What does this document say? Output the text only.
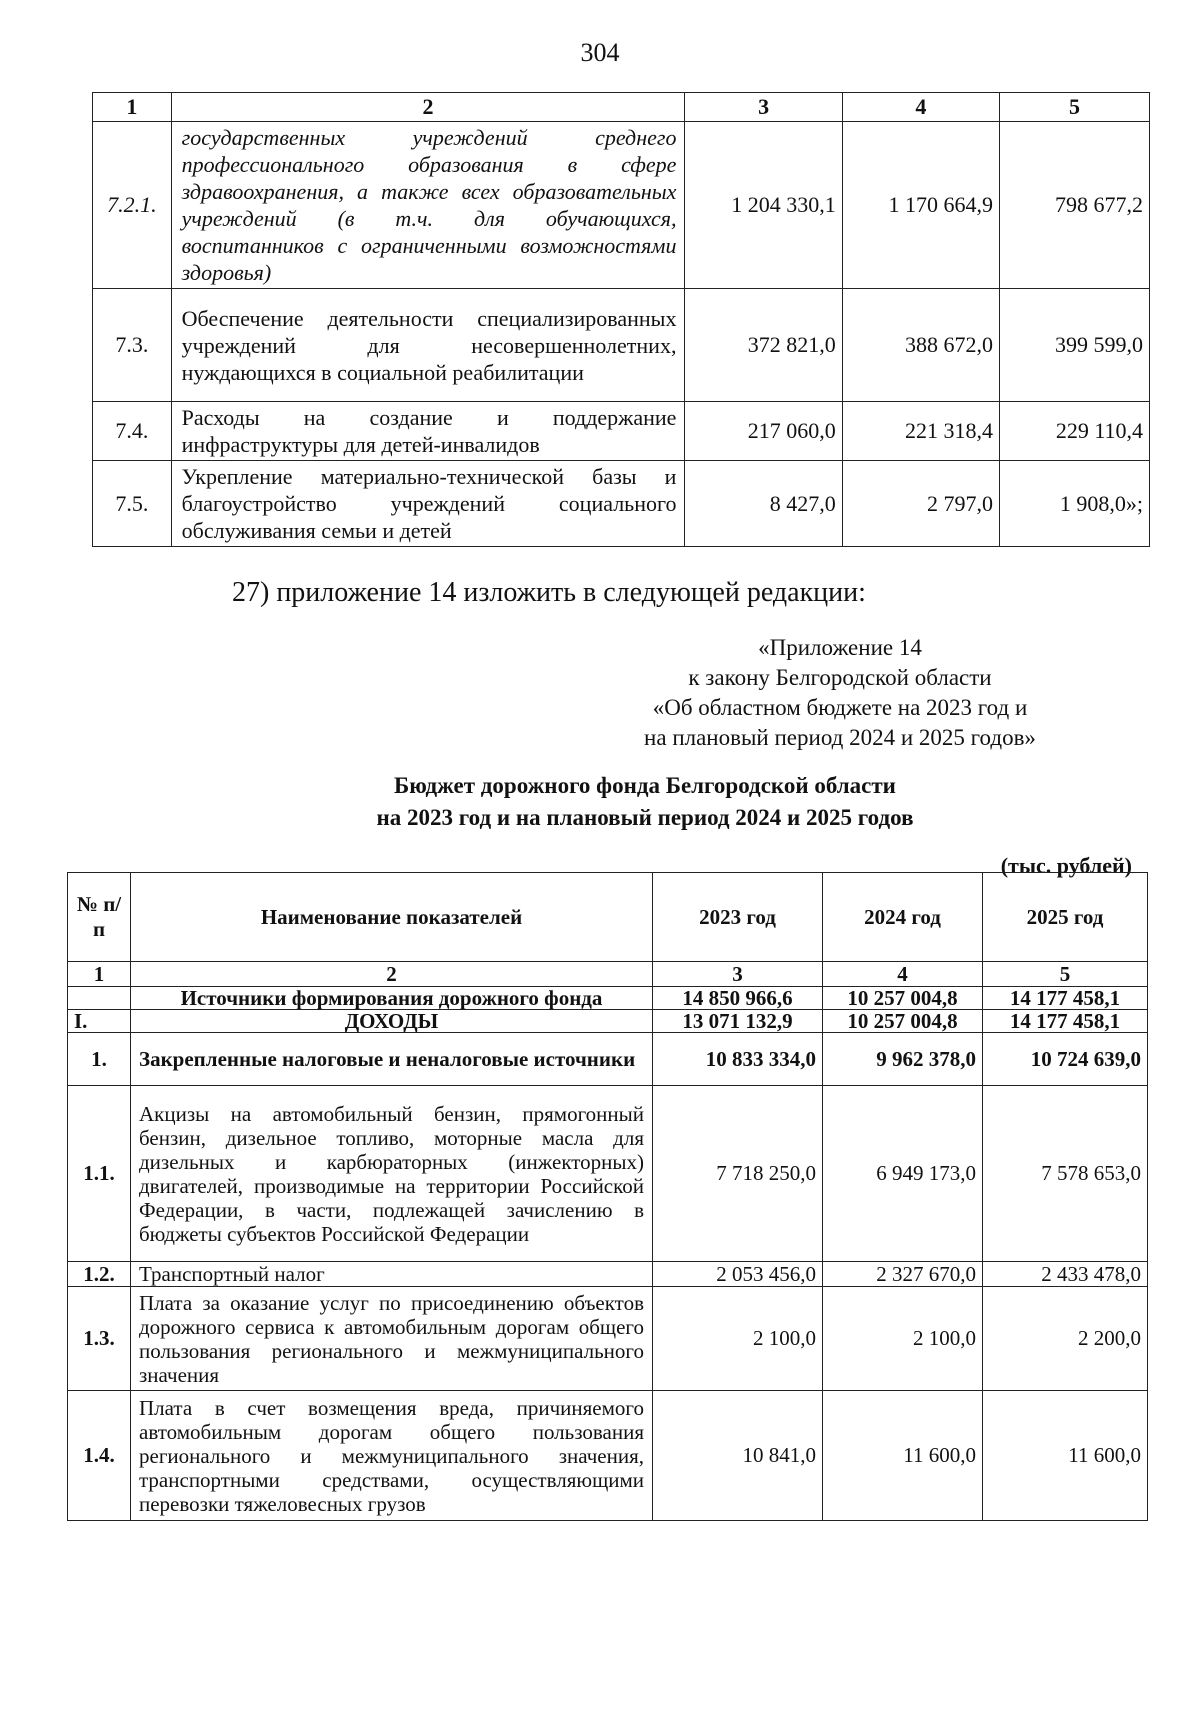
304
1	2	3	4	5
7.2.1.	государственных учреждений среднего профессионального образования в сфере здравоохранения, а также всех образовательных учреждений (в т.ч. для обучающихся, воспитанников с ограниченными возможностями здоровья)	1 204 330,1	1 170 664,9	798 677,2
7.3.	Обеспечение деятельности специализированных учреждений для несовершеннолетних, нуждающихся в социальной реабилитации	372 821,0	388 672,0	399 599,0
7.4.	Расходы на создание и поддержание инфраструктуры для детей-инвалидов	217 060,0	221 318,4	229 110,4
7.5.	Укрепление материально-технической базы и благоустройство учреждений социального обслуживания семьи и детей	8 427,0	2 797,0	1 908,0»;
27) приложение 14 изложить в следующей редакции:
«Приложение 14
к закону Белгородской области
«Об областном бюджете на 2023 год и
на плановый период 2024 и 2025 годов»
Бюджет дорожного фонда Белгородской области
на 2023 год и на плановый период 2024 и 2025 годов
(тыс. рублей)
№ п/п	Наименование показателей	2023 год	2024 год	2025 год
1	2	3	4	5
	Источники формирования дорожного фонда	14 850 966,6	10 257 004,8	14 177 458,1
I.	ДОХОДЫ	13 071 132,9	10 257 004,8	14 177 458,1
1.	Закрепленные налоговые и неналоговые источники	10 833 334,0	9 962 378,0	10 724 639,0
1.1.	Акцизы на автомобильный бензин, прямогонный бензин, дизельное топливо, моторные масла для дизельных и карбюраторных (инжекторных) двигателей, производимые на территории Российской Федерации, в части, подлежащей зачислению в бюджеты субъектов Российской Федерации	7 718 250,0	6 949 173,0	7 578 653,0
1.2.	Транспортный налог	2 053 456,0	2 327 670,0	2 433 478,0
1.3.	Плата за оказание услуг по присоединению объектов дорожного сервиса к автомобильным дорогам общего пользования регионального и межмуниципального значения	2 100,0	2 100,0	2 200,0
1.4.	Плата в счет возмещения вреда, причиняемого автомобильным дорогам общего пользования регионального и межмуниципального значения, транспортными средствами, осуществляющими перевозки тяжеловесных грузов	10 841,0	11 600,0	11 600,0
